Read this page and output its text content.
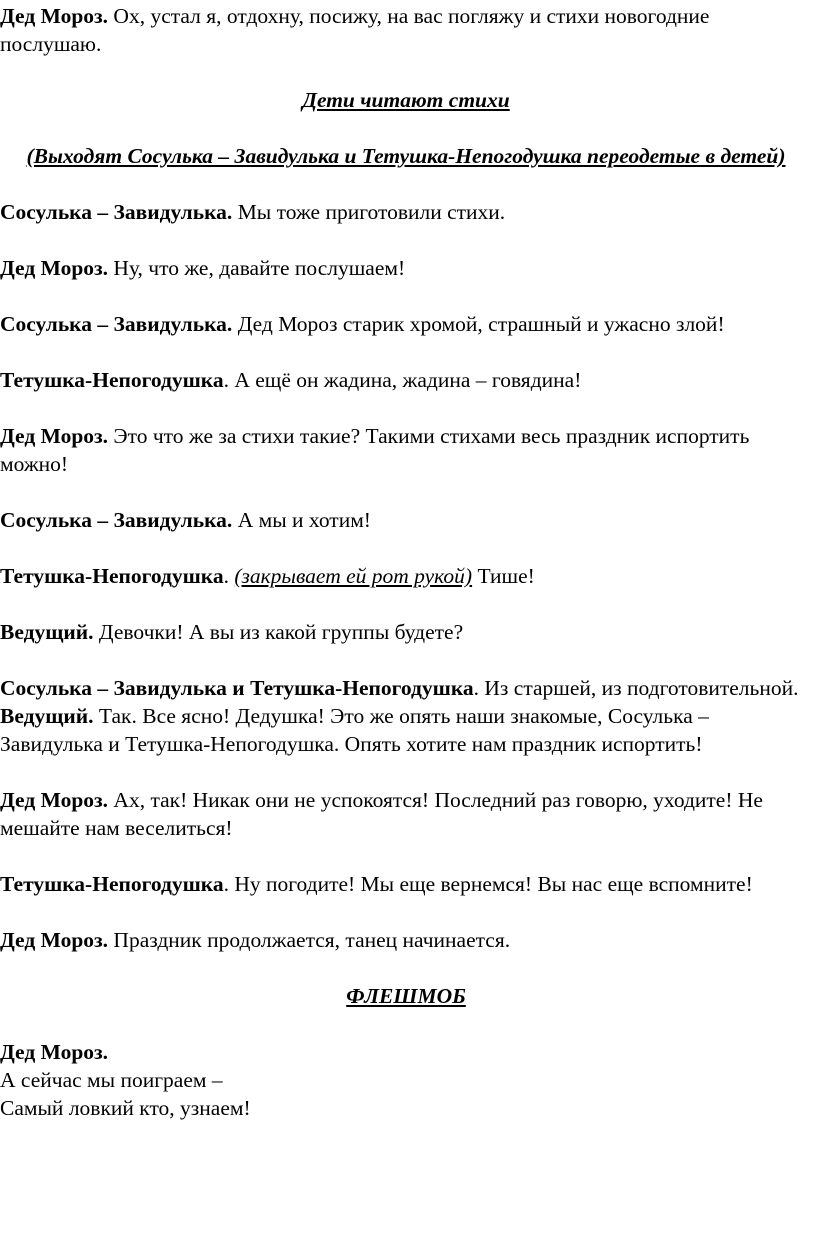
Дед Мороз. Ох, устал я, отдохну, посижу, на вас погляжу и стихи новогодние послушаю.

Дети читают стихи

(Выходят Сосулька – Завидулька и Тетушка-Непогодушка переодетые в детей)

Сосулька – Завидулька. Мы тоже приготовили стихи.

Дед Мороз. Ну, что же, давайте послушаем!

Сосулька – Завидулька. Дед Мороз старик хромой, страшный и ужасно злой!

Тетушка-Непогодушка. А ещё он жадина, жадина – говядина!

Дед Мороз. Это что же за стихи такие? Такими стихами весь праздник испортить можно!

Сосулька – Завидулька. А мы и хотим!

Тетушка-Непогодушка. (закрывает ей рот рукой) Тише!

Ведущий. Девочки! А вы из какой группы будете?

Сосулька – Завидулька и Тетушка-Непогодушка. Из старшей, из подготовительной.

Ведущий. Так. Все ясно! Дедушка! Это же опять наши знакомые, Сосулька – Завидулька и Тетушка-Непогодушка. Опять хотите нам праздник испортить!

Дед Мороз. Ах, так! Никак они не успокоятся! Последний раз говорю, уходите! Не мешайте нам веселиться!

Тетушка-Непогодушка. Ну погодите! Мы еще вернемся! Вы нас еще вспомните!

Дед Мороз. Праздник продолжается, танец начинается.

ФЛЕШМОБ

Дед Мороз.
А сейчас мы поиграем –
Самый ловкий кто, узнаем!
